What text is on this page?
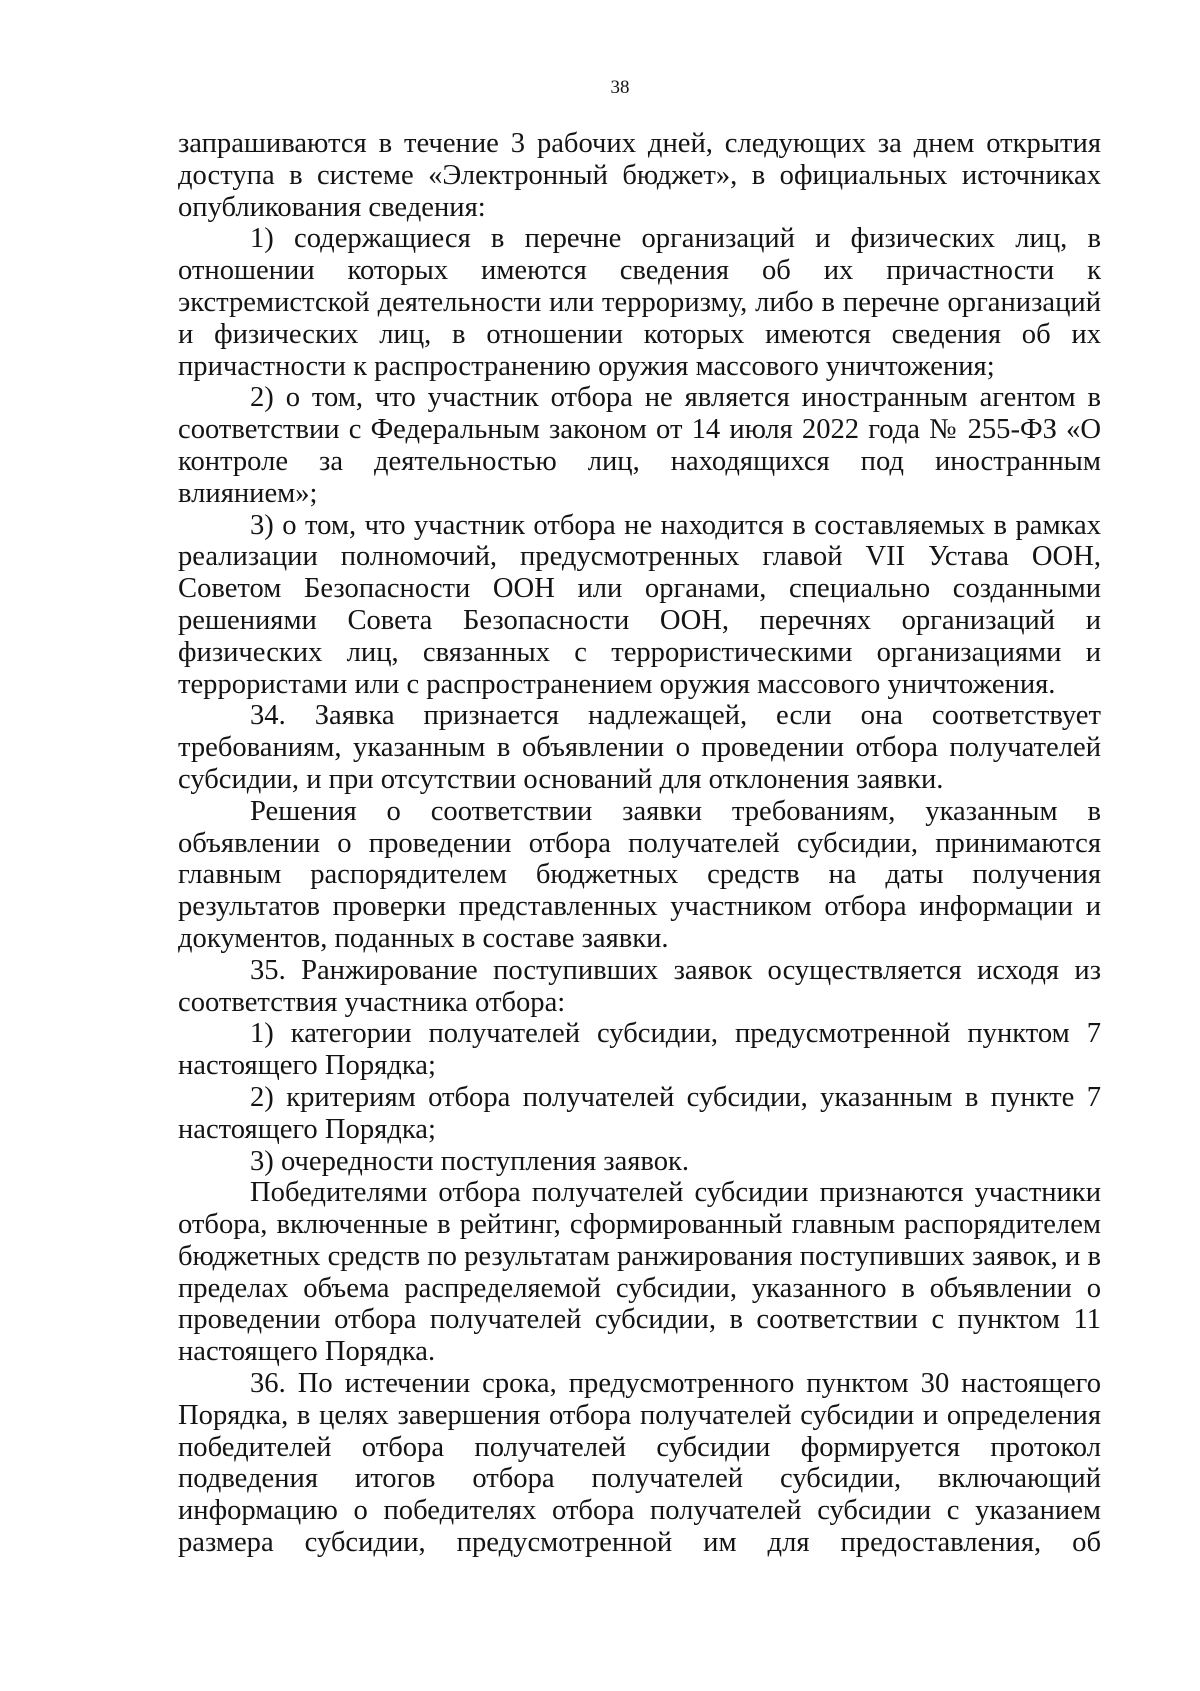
38

запрашиваются в течение 3 рабочих дней, следующих за днем открытия доступа в системе «Электронный бюджет», в официальных источниках опубликования сведения:

1) содержащиеся в перечне организаций и физических лиц, в отношении которых имеются сведения об их причастности к экстремистской деятельности или терроризму, либо в перечне организаций и физических лиц, в отношении которых имеются сведения об их причастности к распространению оружия массового уничтожения;

2) о том, что участник отбора не является иностранным агентом в соответствии с Федеральным законом от 14 июля 2022 года № 255-ФЗ «О контроле за деятельностью лиц, находящихся под иностранным влиянием»;

3) о том, что участник отбора не находится в составляемых в рамках реализации полномочий, предусмотренных главой VII Устава ООН, Советом Безопасности ООН или органами, специально созданными решениями Совета Безопасности ООН, перечнях организаций и физических лиц, связанных с террористическими организациями и террористами или с распространением оружия массового уничтожения.

34. Заявка признается надлежащей, если она соответствует требованиям, указанным в объявлении о проведении отбора получателей субсидии, и при отсутствии оснований для отклонения заявки.

Решения о соответствии заявки требованиям, указанным в объявлении о проведении отбора получателей субсидии, принимаются главным распорядителем бюджетных средств на даты получения результатов проверки представленных участником отбора информации и документов, поданных в составе заявки.

35. Ранжирование поступивших заявок осуществляется исходя из соответствия участника отбора:

1) категории получателей субсидии, предусмотренной пунктом 7 настоящего Порядка;

2) критериям отбора получателей субсидии, указанным в пункте 7 настоящего Порядка;

3) очередности поступления заявок.

Победителями отбора получателей субсидии признаются участники отбора, включенные в рейтинг, сформированный главным распорядителем бюджетных средств по результатам ранжирования поступивших заявок, и в пределах объема распределяемой субсидии, указанного в объявлении о проведении отбора получателей субсидии, в соответствии с пунктом 11 настоящего Порядка.

36. По истечении срока, предусмотренного пунктом 30 настоящего Порядка, в целях завершения отбора получателей субсидии и определения победителей отбора получателей субсидии формируется протокол подведения итогов отбора получателей субсидии, включающий информацию о победителях отбора получателей субсидии с указанием размера субсидии, предусмотренной им для предоставления, об
